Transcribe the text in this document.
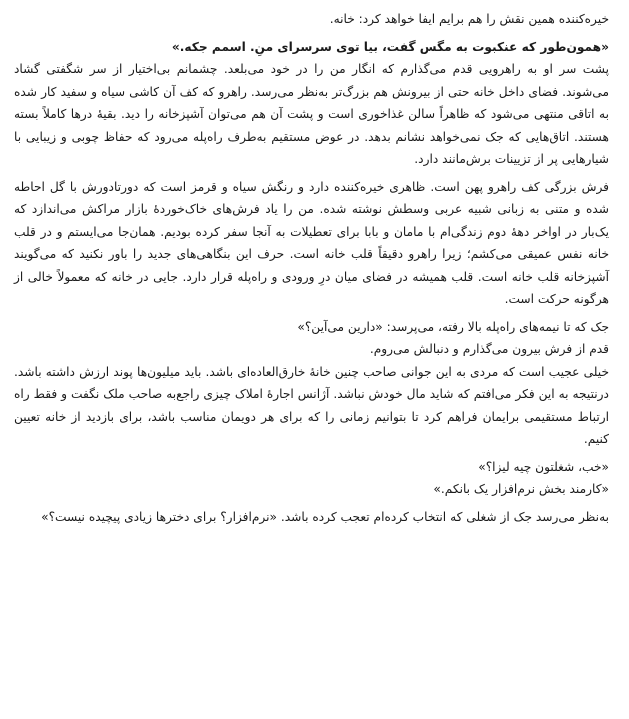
خیره‌کننده همین نقش را هم برایم ایفا خواهد کرد: خانه.

«همون‌طور که عنکبوت به مگس گفت، بیا توی سرسرای منِ. اسمم جکه.»

پشت سر او به راهرویی قدم می‌گذارم که انگار من را در خود می‌بلعد. چشمانم بی‌اختیار از سر شگفتی گشاد می‌شوند. فضای داخل خانه حتی از بیرونش هم بزرگ‌تر به‌نظر می‌رسد. راهرو که کف آن کاشی سیاه و سفید کار شده به اتاقی منتهی می‌شود که ظاهراً سالن غذاخوری است و پشت آن هم می‌توان آشپزخانه را دید. بقیهٔ درها کاملاً بسته هستند. اتاق‌هایی که جک نمی‌خواهد نشانم بدهد. در عوض مستقیم به‌طرف راه‌پله می‌رود که حفاظ چوبی و زیبایی با شیارهایی پر از تزیینات برش‌مانند دارد.

فرش بزرگی کف راهرو پهن است. ظاهری خیره‌کننده دارد و رنگش سیاه و قرمز است که دورتادورش با گل احاطه شده و متنی به زبانی شبیه عربی وسطش نوشته شده. من را یاد فرش‌های خاک‌خوردهٔ بازار مراکش می‌اندازد که یک‌بار در اواخر دههٔ دوم زندگی‌ام با مامان و بابا برای تعطیلات به آنجا سفر کرده بودیم. همان‌جا می‌ایستم و در قلب خانه نفس عمیقی می‌کشم؛ زیرا راهرو دقیقاً قلب خانه است. حرف این بنگاهی‌های جدید را باور نکنید که می‌گویند آشپزخانه قلب خانه است. قلب همیشه در فضای میان درِ ورودی و راه‌پله قرار دارد. جایی در خانه که معمولاً خالی از هرگونه حرکت است.

جک که تا نیمه‌های راه‌پله بالا رفته، می‌پرسد: «دارین می‌آین؟»

قدم از فرش بیرون می‌گذارم و دنبالش می‌روم.

خیلی عجیب است که مردی به این جوانی صاحب چنین خانهٔ خارق‌العاده‌ای باشد. باید میلیون‌ها پوند ارزش داشته باشد. درنتیجه به این فکر می‌افتم که شاید مال خودش نباشد. آژانس اجارهٔ املاک چیزی راجع‌به صاحب ملک نگفت و فقط راه ارتباط مستقیمی برایمان فراهم کرد تا بتوانیم زمانی را که برای هر دویمان مناسب باشد، برای بازدید از خانه تعیین کنیم.

«خب، شغلتون چیه لیزا؟»

«کارمند بخش نرم‌افزار یک بانکم.»

به‌نظر می‌رسد جک از شغلی که انتخاب کرده‌ام تعجب کرده باشد. «نرم‌افزار؟ برای دخترها زیادی پیچیده نیست؟»
